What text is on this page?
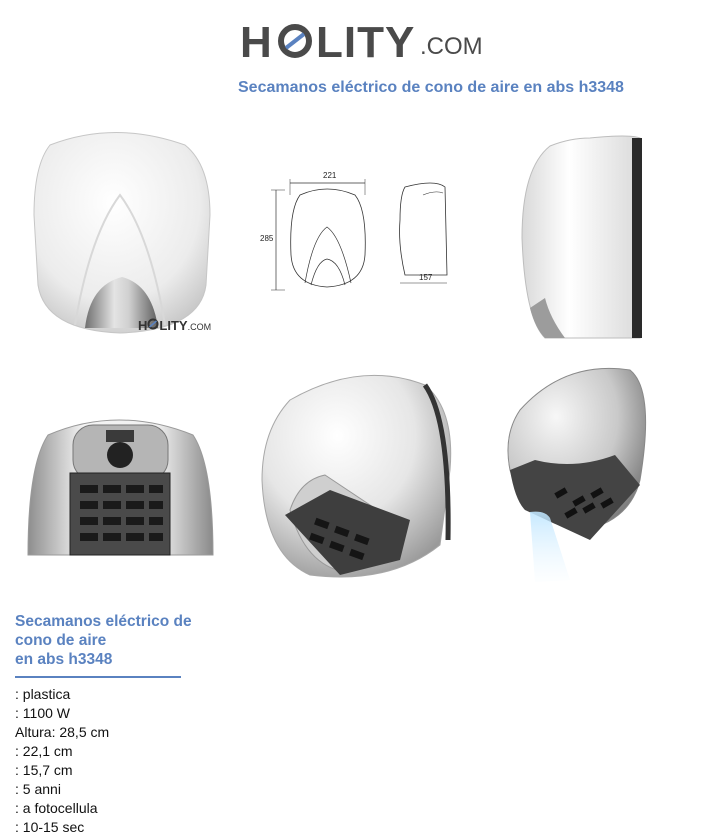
H LITY .COM
Secamanos eléctrico de cono de aire en abs h3348
H LITY.COM
221
285
157
Secamanos eléctrico de
cono de aire
en abs h3348
: plastica
: 1100 W
Altura: 28,5 cm
: 22,1 cm
: 15,7 cm
: 5 anni
: a fotocellula
: 10-15 sec
